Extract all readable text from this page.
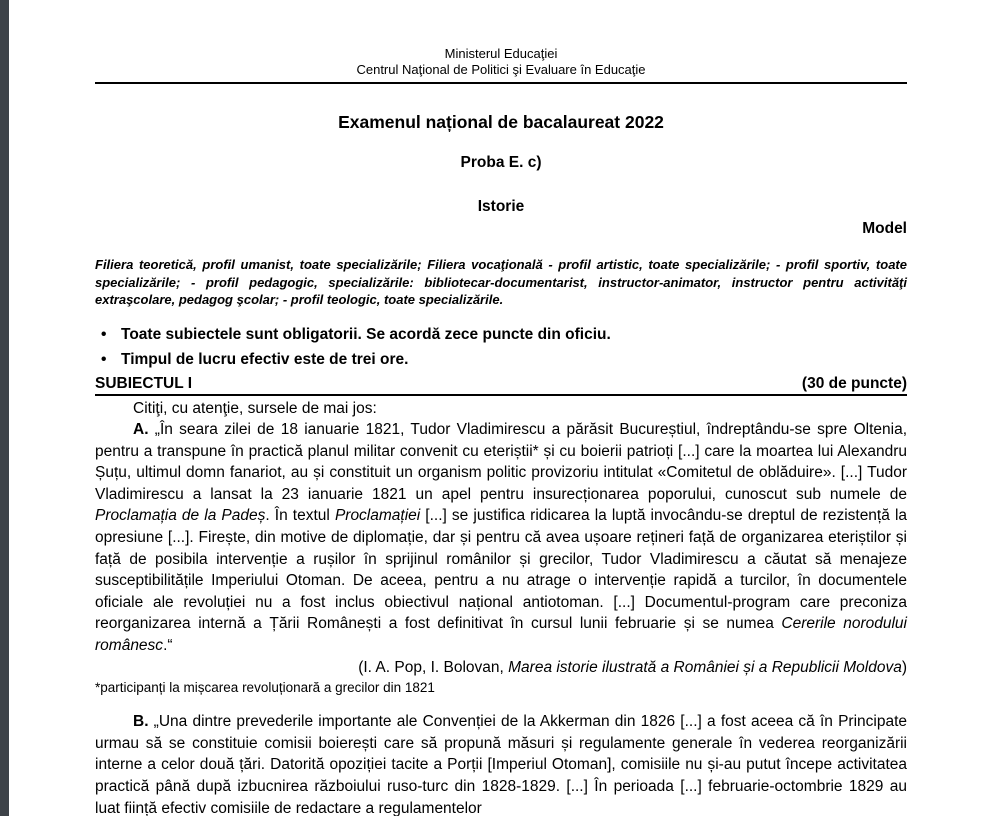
Ministerul Educaţiei
Centrul Naţional de Politici şi Evaluare în Educaţie
Examenul național de bacalaureat 2022
Proba E. c)
Istorie
Model

Filiera teoretică, profil umanist, toate specializările; Filiera vocaţională - profil artistic, toate specializările; - profil sportiv, toate specializările; - profil pedagogic, specializările: bibliotecar-documentarist, instructor-animator, instructor pentru activităţi extraşcolare, pedagog şcolar; - profil teologic, toate specializările.

• Toate subiectele sunt obligatorii. Se acordă zece puncte din oficiu.
• Timpul de lucru efectiv este de trei ore.
SUBIECTUL I	(30 de puncte)

Citiţi, cu atenţie, sursele de mai jos:

A. „În seara zilei de 18 ianuarie 1821, Tudor Vladimirescu a părăsit Bucureștiul, îndreptându-se spre Oltenia, pentru a transpune în practică planul militar convenit cu eteriștii* și cu boierii patrioți [...] care la moartea lui Alexandru Șuțu, ultimul domn fanariot, au și constituit un organism politic provizoriu intitulat «Comitetul de oblăduire». [...] Tudor Vladimirescu a lansat la 23 ianuarie 1821 un apel pentru insurecționarea poporului, cunoscut sub numele de Proclamația de la Padeș. În textul Proclamației [...] se justifica ridicarea la luptă invocându-se dreptul de rezistență la opresiune [...]. Firește, din motive de diplomație, dar și pentru că avea ușoare rețineri față de organizarea eteriștilor și față de posibila intervenție a rușilor în sprijinul românilor și grecilor, Tudor Vladimirescu a căutat să menajeze susceptibilitățile Imperiului Otoman. De aceea, pentru a nu atrage o intervenție rapidă a turcilor, în documentele oficiale ale revoluției nu a fost inclus obiectivul național antiotoman. [...] Documentul-program care preconiza reorganizarea internă a Țării Românești a fost definitivat în cursul lunii februarie și se numea Cererile norodului românesc.“

(I. A. Pop, I. Bolovan, Marea istorie ilustrată a României și a Republicii Moldova)

*participanți la mișcarea revoluționară a grecilor din 1821

B. „Una dintre prevederile importante ale Convenției de la Akkerman din 1826 [...] a fost aceea că în Principate urmau să se constituie comisii boierești care să propună măsuri și regulamente generale în vederea reorganizării interne a celor două țări. Datorită opoziției tacite a Porții [Imperiul Otoman], comisiile nu și-au putut începe activitatea practică până după izbucnirea războiului ruso-turc din 1828-1829. [...] În perioada [...] februarie-octombrie 1829 au luat ființă efectiv comisiile de redactare a regulamentelor
